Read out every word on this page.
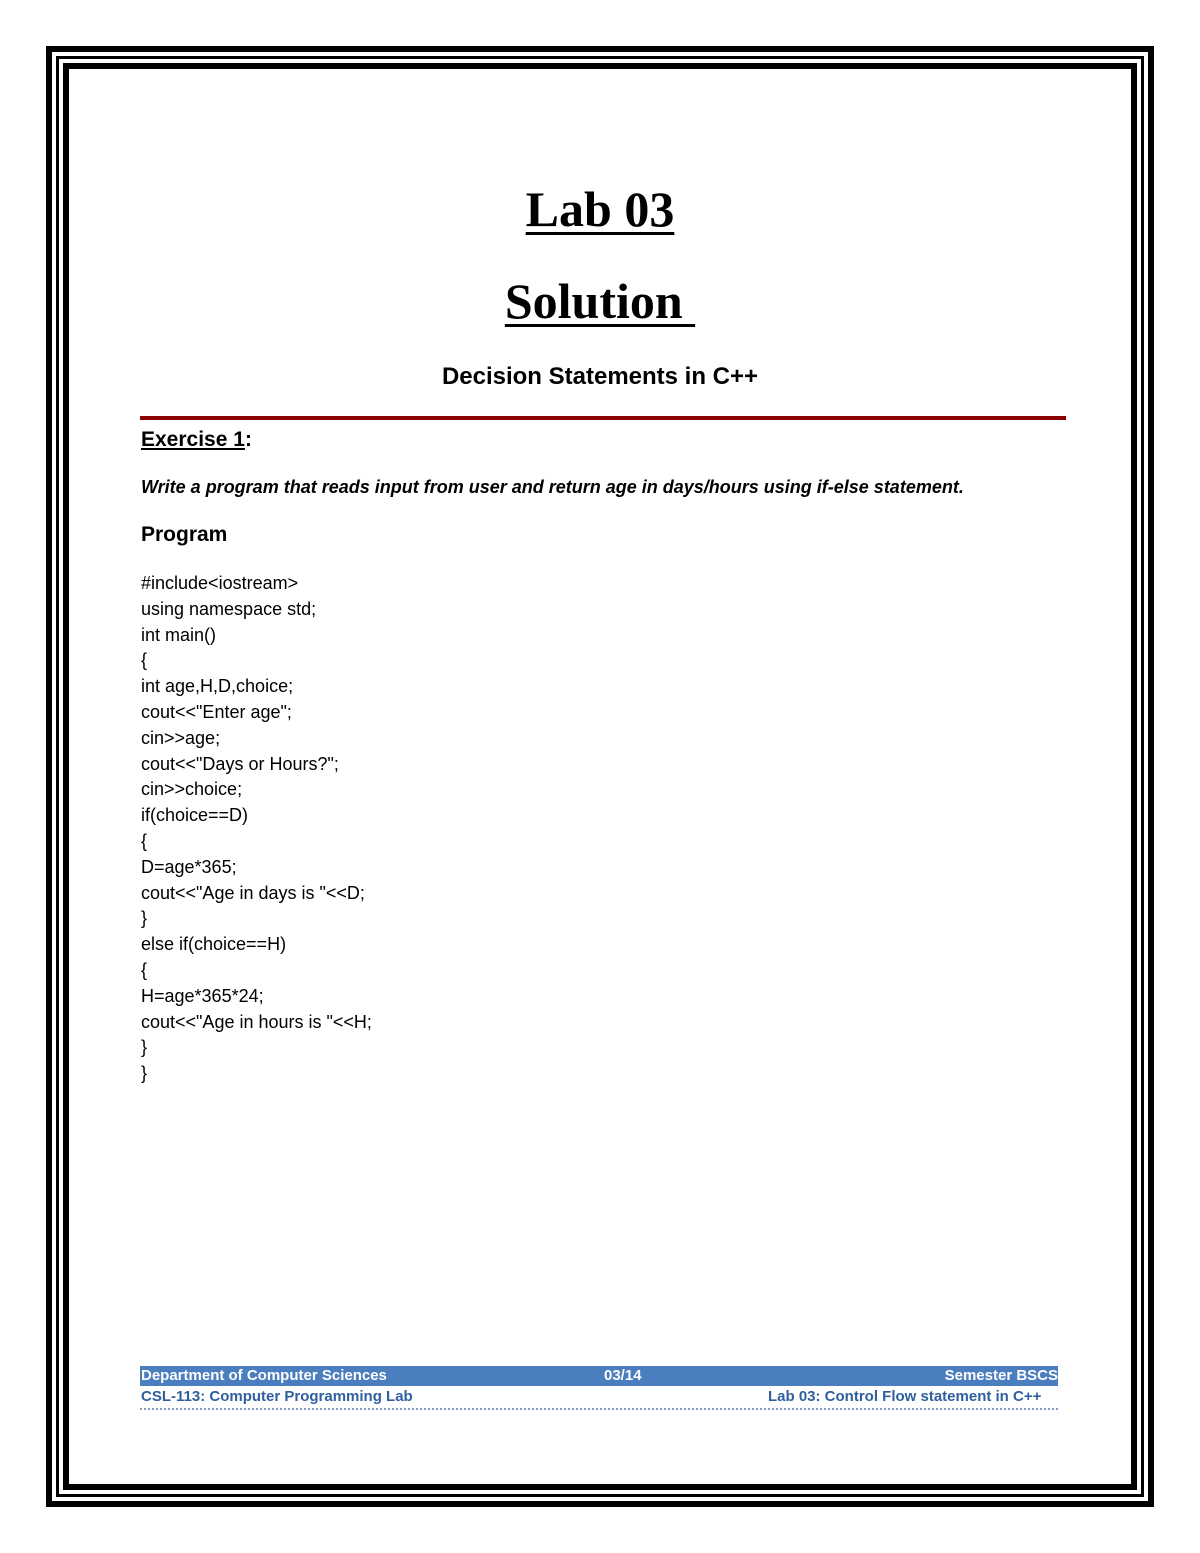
Lab 03
Solution
Decision Statements in C++
Exercise 1:

Write a program that reads input from user and return age in days/hours using if-else statement.

Program
#include<iostream>
using namespace std;
int main()
{
int age,H,D,choice;
cout<<"Enter age";
cin>>age;
cout<<"Days or Hours?";
cin>>choice;
if(choice==D)
{
D=age*365;
cout<<"Age in days is "<<D;
}
else if(choice==H)
{
H=age*365*24;
cout<<"Age in hours is "<<H;
}
}
Department of Computer Sciences	03/14	Semester BSCS
CSL-113: Computer Programming Lab	Lab 03: Control Flow statement in C++
